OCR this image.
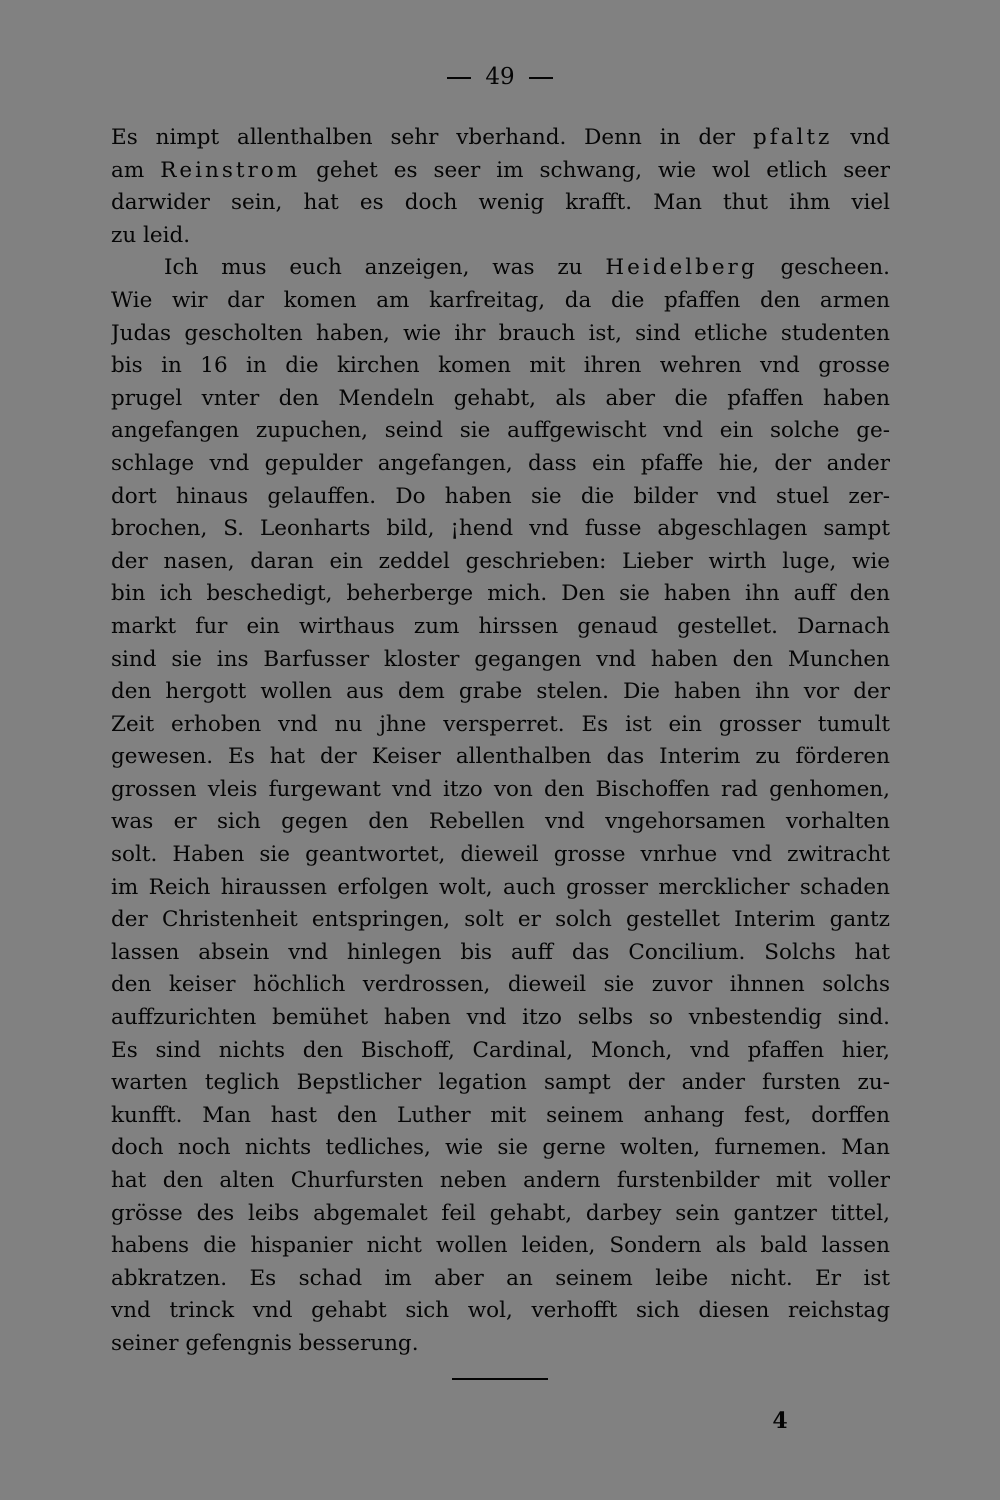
49
Es nimpt allenthalben sehr vberhand. Denn in der pfaltz vnd
am Reinstrom gehet es seer im schwang, wie wol etlich seer
darwider sein, hat es doch wenig krafft. Man thut ihm viel
zu leid.
Ich mus euch anzeigen, was zu Heidelberg gescheen.
Wie wir dar komen am karfreitag, da die pfaffen den armen
Judas gescholten haben, wie ihr brauch ist, sind etliche studenten
bis in 16 in die kirchen komen mit ihren wehren vnd grosse
prugel vnter den Mendeln gehabt, als aber die pfaffen haben
angefangen zupuchen, seind sie auffgewischt vnd ein solche ge-
schlage vnd gepulder angefangen, dass ein pfaffe hie, der ander
dort hinaus gelauffen. Do haben sie die bilder vnd stuel zer-
brochen, S. Leonharts bild, ¡hend vnd fusse abgeschlagen sampt
der nasen, daran ein zeddel geschrieben: Lieber wirth luge, wie
bin ich beschedigt, beherberge mich. Den sie haben ihn auff den
markt fur ein wirthaus zum hirssen genaud gestellet. Darnach
sind sie ins Barfusser kloster gegangen vnd haben den Munchen
den hergott wollen aus dem grabe stelen. Die haben ihn vor der
Zeit erhoben vnd nu jhne versperret. Es ist ein grosser tumult
gewesen. Es hat der Keiser allenthalben das Interim zu förderen
grossen vleis furgewant vnd itzo von den Bischoffen rad genhomen,
was er sich gegen den Rebellen vnd vngehorsamen vorhalten
solt. Haben sie geantwortet, dieweil grosse vnrhue vnd zwitracht
im Reich hiraussen erfolgen wolt, auch grosser mercklicher schaden
der Christenheit entspringen, solt er solch gestellet Interim gantz
lassen absein vnd hinlegen bis auff das Concilium. Solchs hat
den keiser höchlich verdrossen, dieweil sie zuvor ihnnen solchs
auffzurichten bemühet haben vnd itzo selbs so vnbestendig sind.
Es sind nichts den Bischoff, Cardinal, Monch, vnd pfaffen hier,
warten teglich Bepstlicher legation sampt der ander fursten zu-
kunfft. Man hast den Luther mit seinem anhang fest, dorffen
doch noch nichts tedliches, wie sie gerne wolten, furnemen. Man
hat den alten Churfursten neben andern furstenbilder mit voller
grösse des leibs abgemalet feil gehabt, darbey sein gantzer tittel,
habens die hispanier nicht wollen leiden, Sondern als bald lassen
abkratzen. Es schad im aber an seinem leibe nicht. Er ist
vnd trinck vnd gehabt sich wol, verhofft sich diesen reichstag
seiner gefengnis besserung.
4
